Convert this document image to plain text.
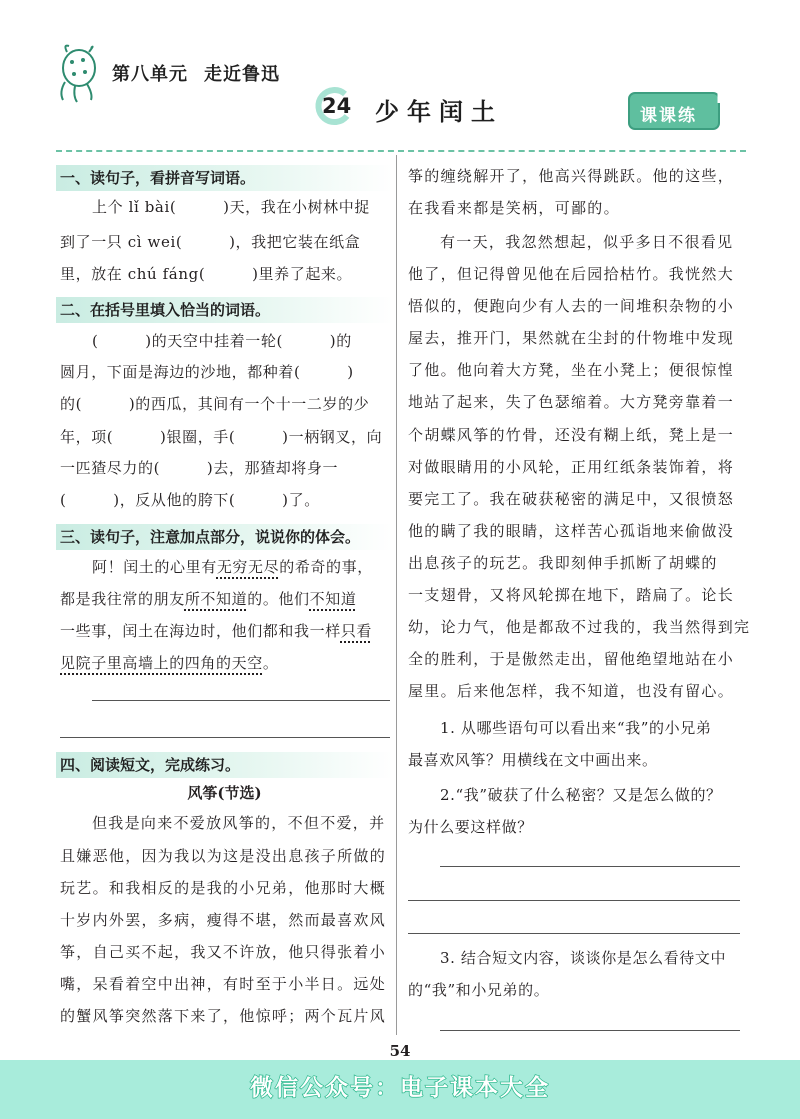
第八单元 走近鲁迅
24 少年闰土	课课练
一、读句子，看拼音写词语。
上个 lǐ bài(　　　)天，我在小树林中捉
到了一只 cì wei(　　　)，我把它装在纸盒
里，放在 chú fáng(　　　)里养了起来。
二、在括号里填入恰当的词语。
(　　　)的天空中挂着一轮(　　　)的
圆月，下面是海边的沙地，都种着(　　　)
的(　　　)的西瓜，其间有一个十一二岁的少
年，项(　　　)银圈，手(　　　)一柄钢叉，向
一匹猹尽力的(　　　)去，那猹却将身一
(　　　)，反从他的胯下(　　　)了。
三、读句子，注意加点部分，说说你的体会。
阿！闰土的心里有无穷无尽的希奇的事，
都是我往常的朋友所不知道的。他们不知道
一些事，闰土在海边时，他们都和我一样只看
见院子里高墙上的四角的天空。
四、阅读短文，完成练习。
风筝(节选)
但我是向来不爱放风筝的，不但不爱，并
且嫌恶他，因为我以为这是没出息孩子所做的
玩艺。和我相反的是我的小兄弟，他那时大概
十岁内外罢，多病，瘦得不堪，然而最喜欢风
筝，自己买不起，我又不许放，他只得张着小
嘴，呆看着空中出神，有时至于小半日。远处
的蟹风筝突然落下来了，他惊呼；两个瓦片风
筝的缠绕解开了，他高兴得跳跃。他的这些，
在我看来都是笑柄，可鄙的。
有一天，我忽然想起，似乎多日不很看见
他了，但记得曾见他在后园拾枯竹。我恍然大
悟似的，便跑向少有人去的一间堆积杂物的小
屋去，推开门，果然就在尘封的什物堆中发现
了他。他向着大方凳，坐在小凳上；便很惊惶
地站了起来，失了色瑟缩着。大方凳旁靠着一
个胡蝶风筝的竹骨，还没有糊上纸，凳上是一
对做眼睛用的小风轮，正用红纸条装饰着，将
要完工了。我在破获秘密的满足中，又很愤怒
他的瞒了我的眼睛，这样苦心孤诣地来偷做没
出息孩子的玩艺。我即刻伸手抓断了胡蝶的
一支翅骨，又将风轮掷在地下，踏扁了。论长
幼，论力气，他是都敌不过我的，我当然得到完
全的胜利，于是傲然走出，留他绝望地站在小
屋里。后来他怎样，我不知道，也没有留心。
1. 从哪些语句可以看出来“我”的小兄弟
最喜欢风筝？用横线在文中画出来。
2.“我”破获了什么秘密？又是怎么做的？
为什么要这样做？
3. 结合短文内容，谈谈你是怎么看待文中
的“我”和小兄弟的。
54
微信公众号：电子课本大全
